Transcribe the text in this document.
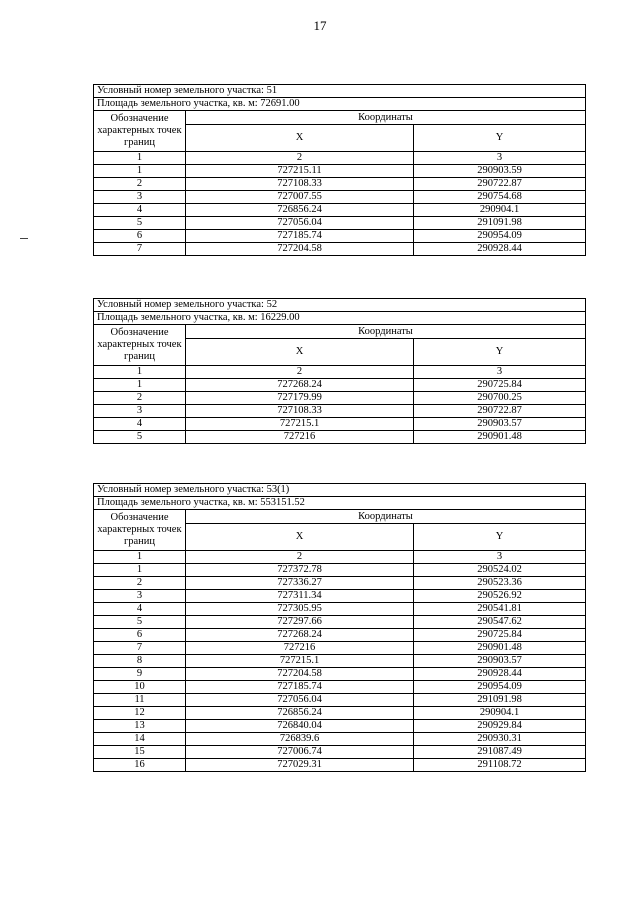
17
Условный номер земельного участка: 51		
Площадь земельного участка, кв. м: 72691.00		
Обозначение характерных точек границ	Координаты	
	X	Y
1	2	3
1	727215.11	290903.59
2	727108.33	290722.87
3	727007.55	290754.68
4	726856.24	290904.1
5	727056.04	291091.98
6	727185.74	290954.09
7	727204.58	290928.44
Условный номер земельного участка: 52		
Площадь земельного участка, кв. м: 16229.00		
Обозначение характерных точек границ	Координаты	
	X	Y
1	2	3
1	727268.24	290725.84
2	727179.99	290700.25
3	727108.33	290722.87
4	727215.1	290903.57
5	727216	290901.48
Условный номер земельного участка: 53(1)		
Площадь земельного участка, кв. м: 553151.52		
Обозначение характерных точек границ	Координаты	
	X	Y
1	2	3
1	727372.78	290524.02
2	727336.27	290523.36
3	727311.34	290526.92
4	727305.95	290541.81
5	727297.66	290547.62
6	727268.24	290725.84
7	727216	290901.48
8	727215.1	290903.57
9	727204.58	290928.44
10	727185.74	290954.09
11	727056.04	291091.98
12	726856.24	290904.1
13	726840.04	290929.84
14	726839.6	290930.31
15	727006.74	291087.49
16	727029.31	291108.72
